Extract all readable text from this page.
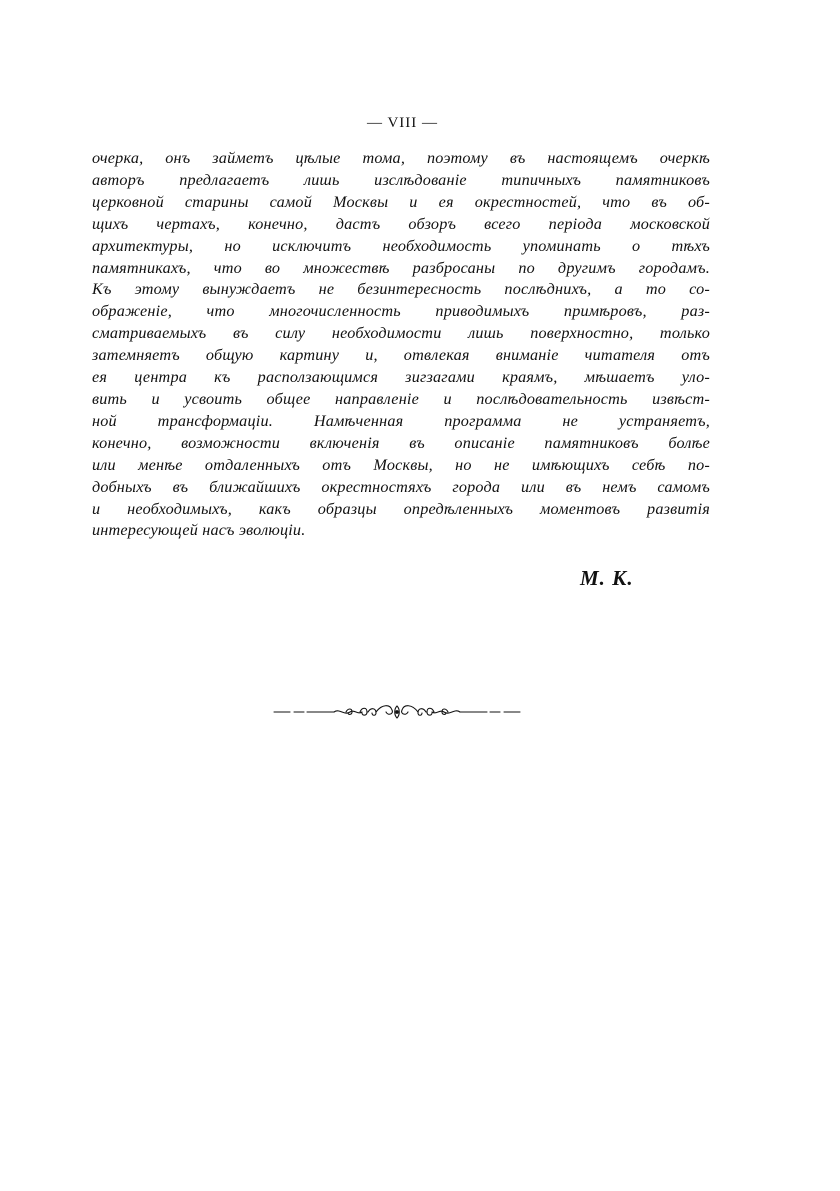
— VIII —

очерка, онъ займетъ цѣлые тома, поэтому въ настоящемъ очеркѣ
авторъ предлагаетъ лишь изслѣдованіе типичныхъ памятниковъ
церковной старины самой Москвы и ея окрестностей, что въ об-
щихъ чертахъ, конечно, дастъ обзоръ всего періода московской
архитектуры, но исключитъ необходимость упоминать о тѣхъ
памятникахъ, что во множествѣ разбросаны по другимъ городамъ.
Къ этому вынуждаетъ не безинтересность послѣднихъ, а то со-
ображеніе, что многочисленность приводимыхъ примѣровъ, раз-
сматриваемыхъ въ силу необходимости лишь поверхностно, только
затемняетъ общую картину и, отвлекая вниманіе читателя отъ
ея центра къ расползающимся зигзагами краямъ, мѣшаетъ уло-
вить и усвоить общее направленіе и послѣдовательность извѣст-
ной трансформаціи. Намѣченная программа не устраняетъ,
конечно, возможности включенія въ описаніе памятниковъ болѣе
или менѣе отдаленныхъ отъ Москвы, но не имѣющихъ себѣ по-
добныхъ въ ближайшихъ окрестностяхъ города или въ немъ самомъ
и необходимыхъ, какъ образцы опредѣленныхъ моментовъ развитія
интересующей насъ эволюціи.

М. К.
